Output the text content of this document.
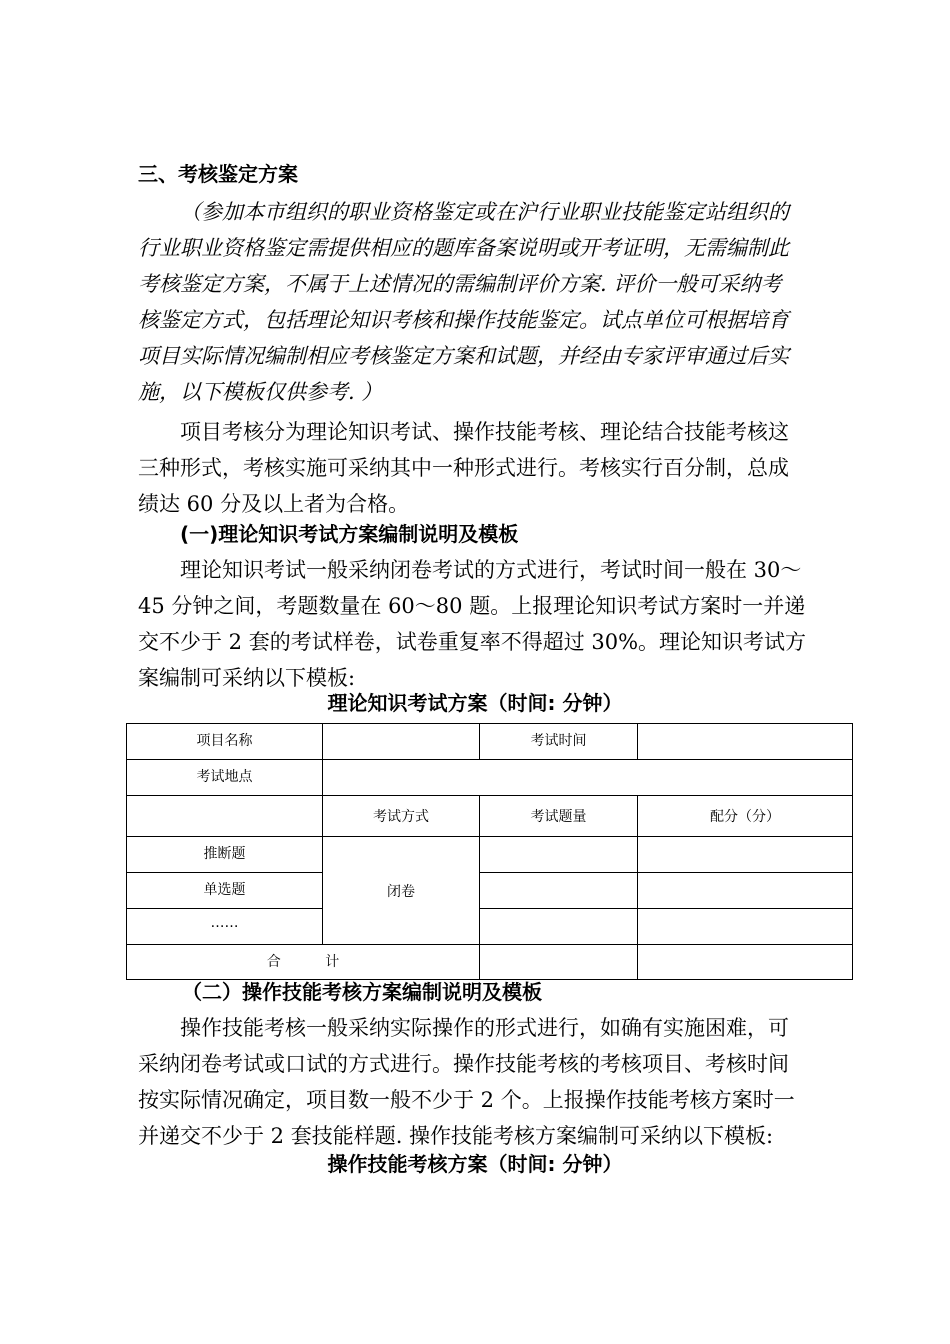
三、考核鉴定方案
（参加本市组织的职业资格鉴定或在沪行业职业技能鉴定站组织的
行业职业资格鉴定需提供相应的题库备案说明或开考证明，无需编制此
考核鉴定方案，不属于上述情况的需编制评价方案. 评价一般可采纳考
核鉴定方式，包括理论知识考核和操作技能鉴定。试点单位可根据培育
项目实际情况编制相应考核鉴定方案和试题，并经由专家评审通过后实
施，以下模板仅供参考. ）
项目考核分为理论知识考试、操作技能考核、理论结合技能考核这
三种形式，考核实施可采纳其中一种形式进行。考核实行百分制，总成
绩达 60 分及以上者为合格。
(一)理论知识考试方案编制说明及模板
理论知识考试一般采纳闭卷考试的方式进行，考试时间一般在 30～
45 分钟之间，考题数量在 60～80 题。上报理论知识考试方案时一并递
交不少于 2 套的考试样卷，试卷重复率不得超过 30%。理论知识考试方
案编制可采纳以下模板:
理论知识考试方案（时间: 分钟）
项目名称		考试时间	
考试地点			
	考试方式	考试题量	配分（分）
推断题	闭卷		
单选题			
……			
合          计			
（二）操作技能考核方案编制说明及模板
操作技能考核一般采纳实际操作的形式进行，如确有实施困难，可
采纳闭卷考试或口试的方式进行。操作技能考核的考核项目、考核时间
按实际情况确定，项目数一般不少于 2 个。上报操作技能考核方案时一
并递交不少于 2 套技能样题. 操作技能考核方案编制可采纳以下模板:
操作技能考核方案（时间: 分钟）
